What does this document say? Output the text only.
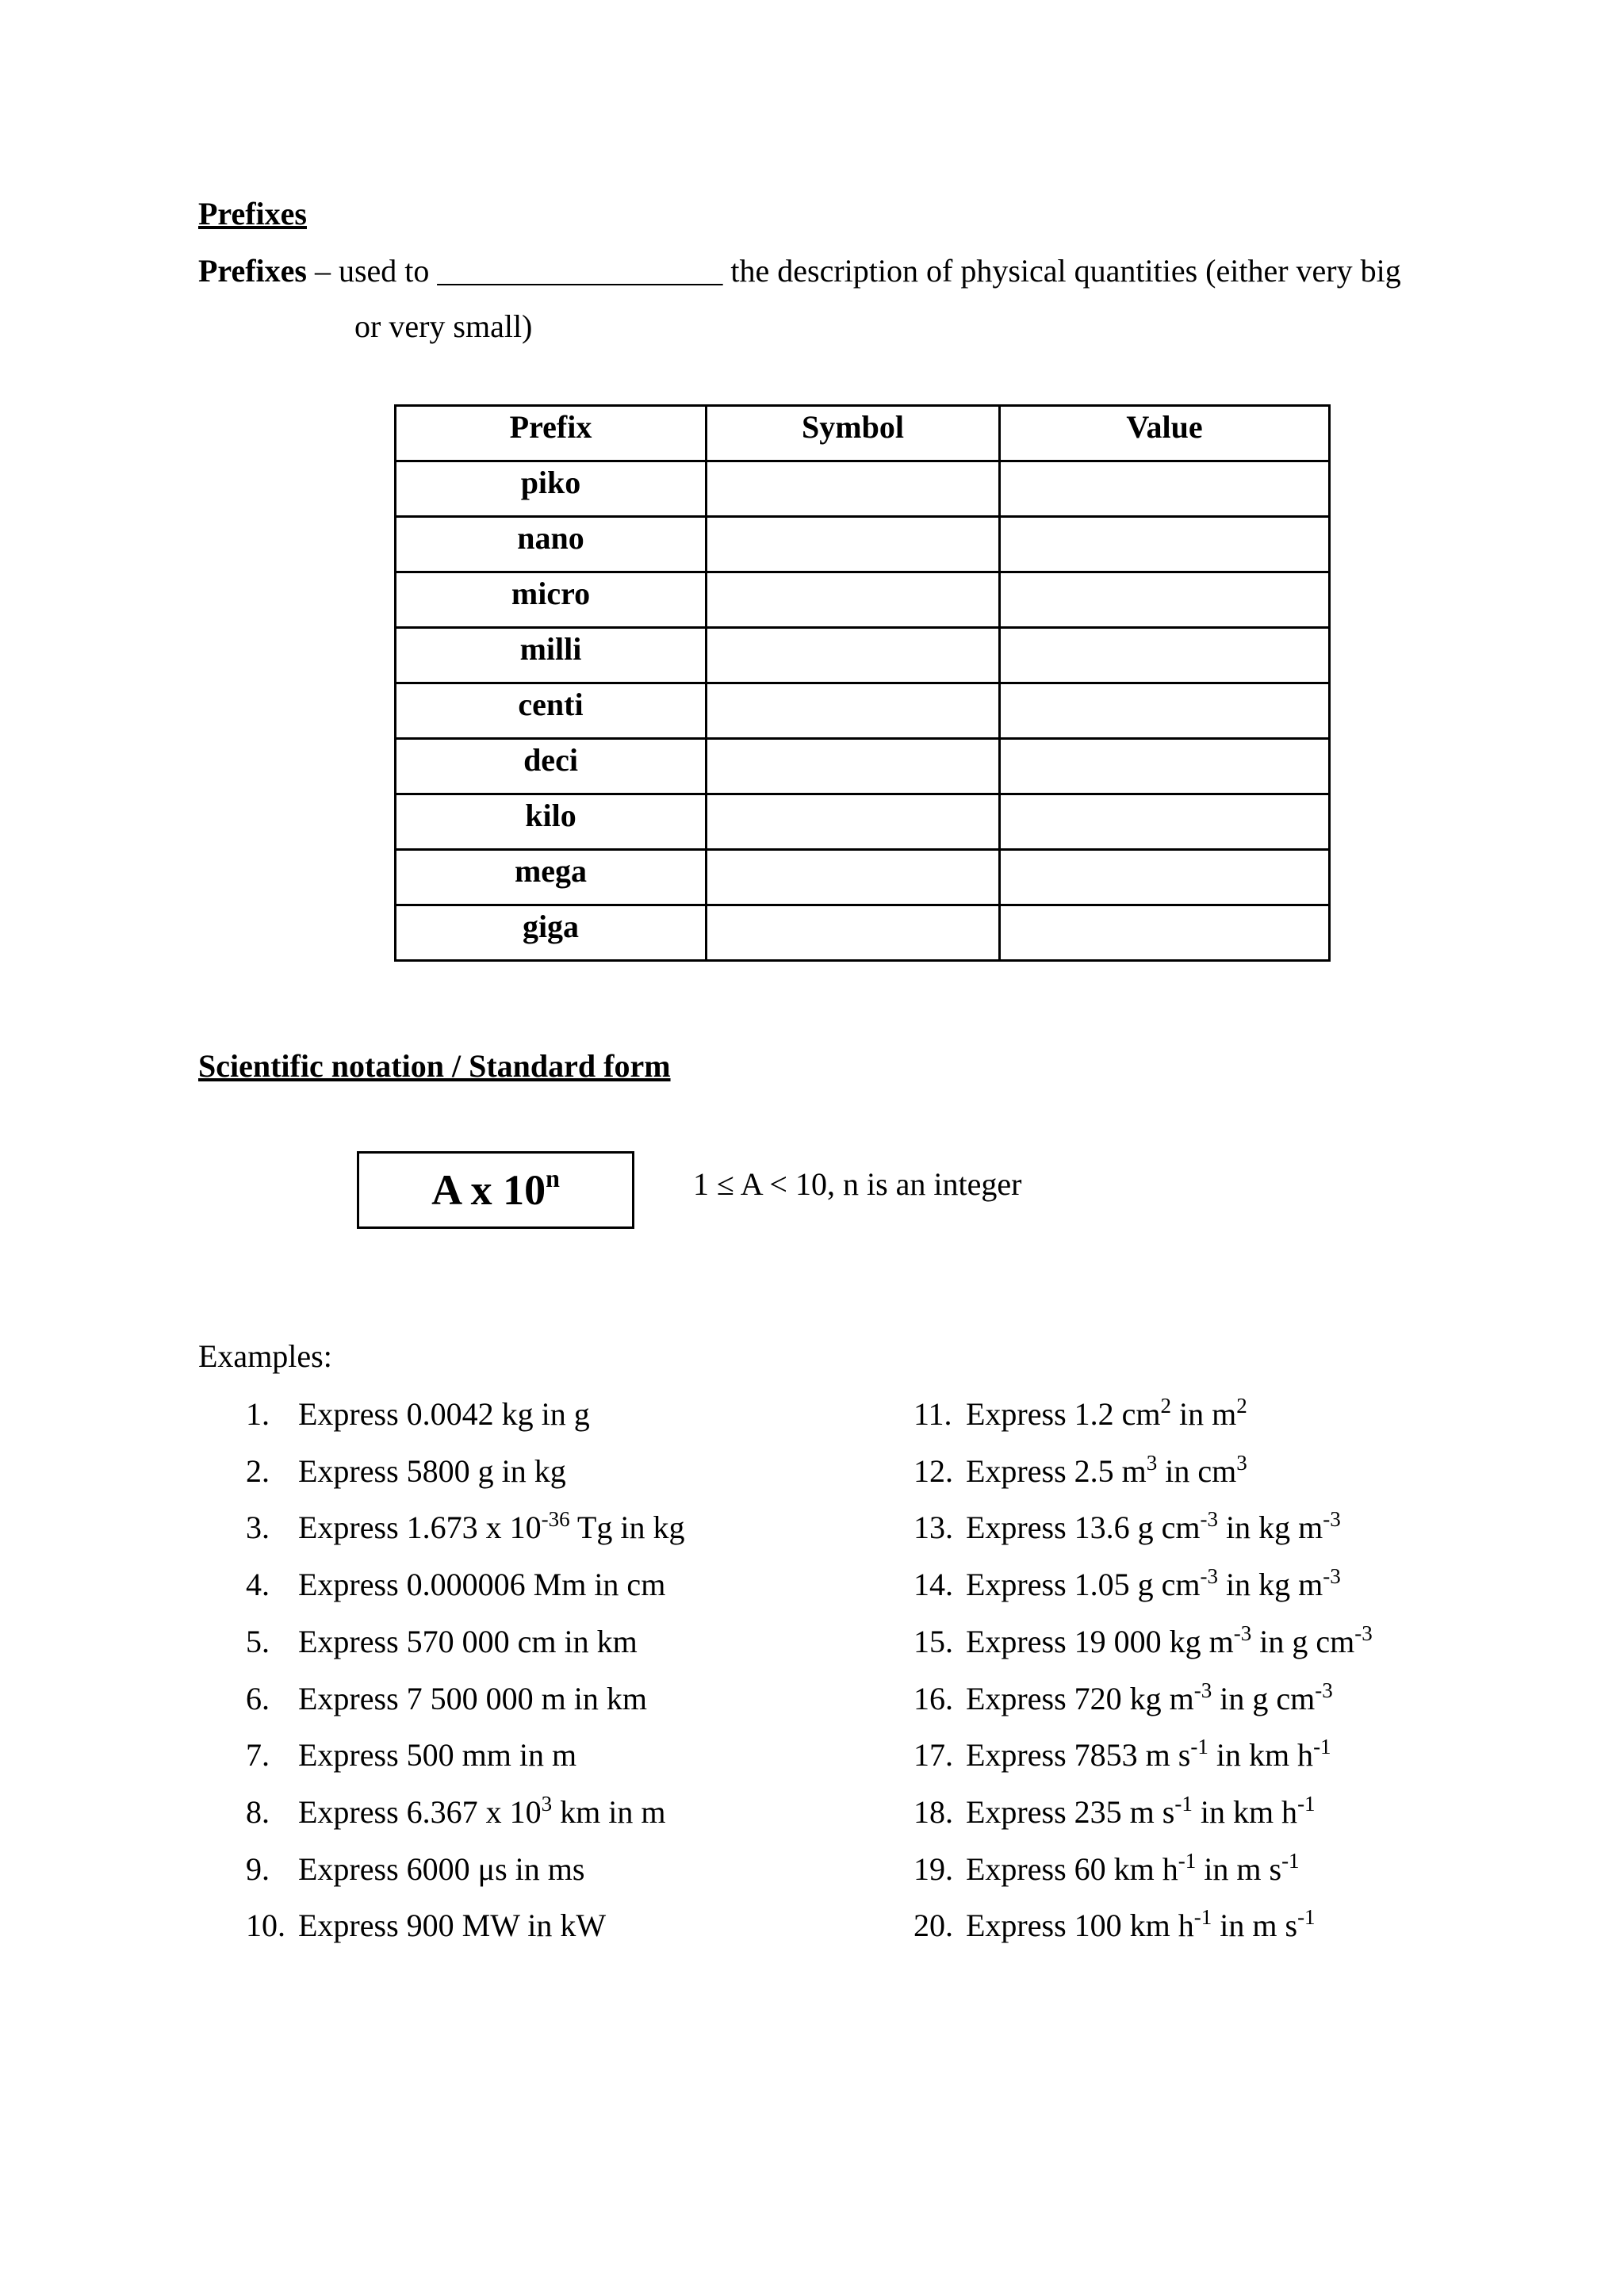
Prefixes
Prefixes – used to __________________ the description of physical quantities (either very big
or very small)
Prefix	Symbol	Value
piko		
nano		
micro		
milli		
centi		
deci		
kilo		
mega		
giga		
Scientific notation / Standard form
A x 10$^n$	1 ≤ A < 10, n is an integer
Examples:
1. Express 0.0042 kg in g
2. Express 5800 g in kg
3. Express 1.673 x $10^{-36}$ Tg in kg
4. Express 0.000006 Mm in cm
5. Express 570 000 cm in km
6. Express 7 500 000 m in km
7. Express 500 mm in m
8. Express 6.367 x $10^3$ km in m
9. Express 6000 μs in ms
10. Express 900 MW in kW
11. Express 1.2 $cm^2$ in $m^2$
12. Express 2.5 $m^3$ in $cm^3$
13. Express 13.6 g $cm^{-3}$ in kg $m^{-3}$
14. Express 1.05 g $cm^{-3}$ in kg $m^{-3}$
15. Express 19 000 kg $m^{-3}$ in g $cm^{-3}$
16. Express 720 kg $m^{-3}$ in g $cm^{-3}$
17. Express 7853 m $s^{-1}$ in km $h^{-1}$
18. Express 235 m $s^{-1}$ in km $h^{-1}$
19. Express 60 km $h^{-1}$ in m $s^{-1}$
20. Express 100 km $h^{-1}$ in m $s^{-1}$
